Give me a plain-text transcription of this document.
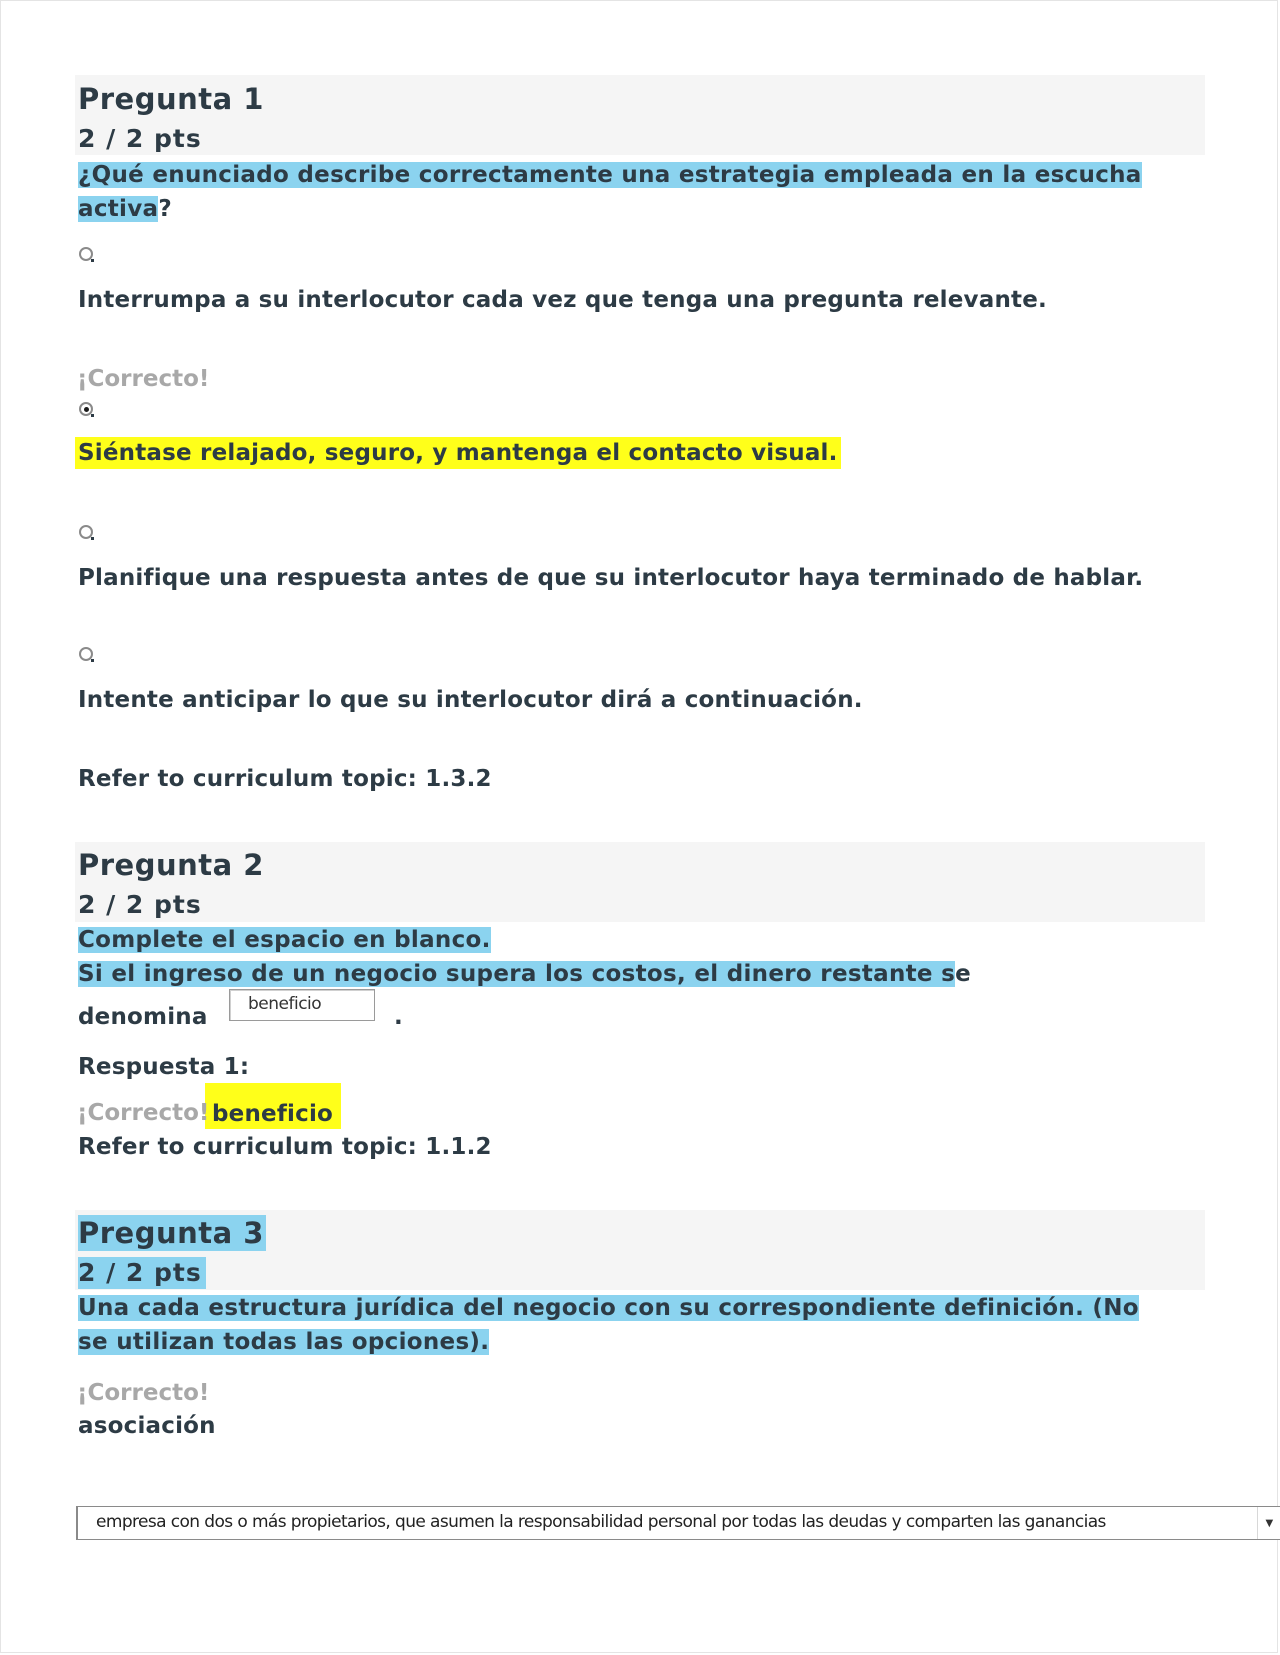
Pregunta 1
2 / 2 pts
¿Qué enunciado describe correctamente una estrategia empleada en la escucha
activa?
Interrumpa a su interlocutor cada vez que tenga una pregunta relevante.
¡Correcto!
Siéntase relajado, seguro, y mantenga el contacto visual.
Planifique una respuesta antes de que su interlocutor haya terminado de hablar.
Intente anticipar lo que su interlocutor dirá a continuación.
Refer to curriculum topic: 1.3.2
Pregunta 2
2 / 2 pts
Complete el espacio en blanco.
Si el ingreso de un negocio supera los costos, el dinero restante se
denomina	beneficio	.
Respuesta 1:
¡Correcto! beneficio
Refer to curriculum topic: 1.1.2
Pregunta 3
2 / 2 pts
Una cada estructura jurídica del negocio con su correspondiente definición. (No
se utilizan todas las opciones).
¡Correcto!
asociación
empresa con dos o más propietarios, que asumen la responsabilidad personal por todas las deudas y comparten las ganancias	▼
